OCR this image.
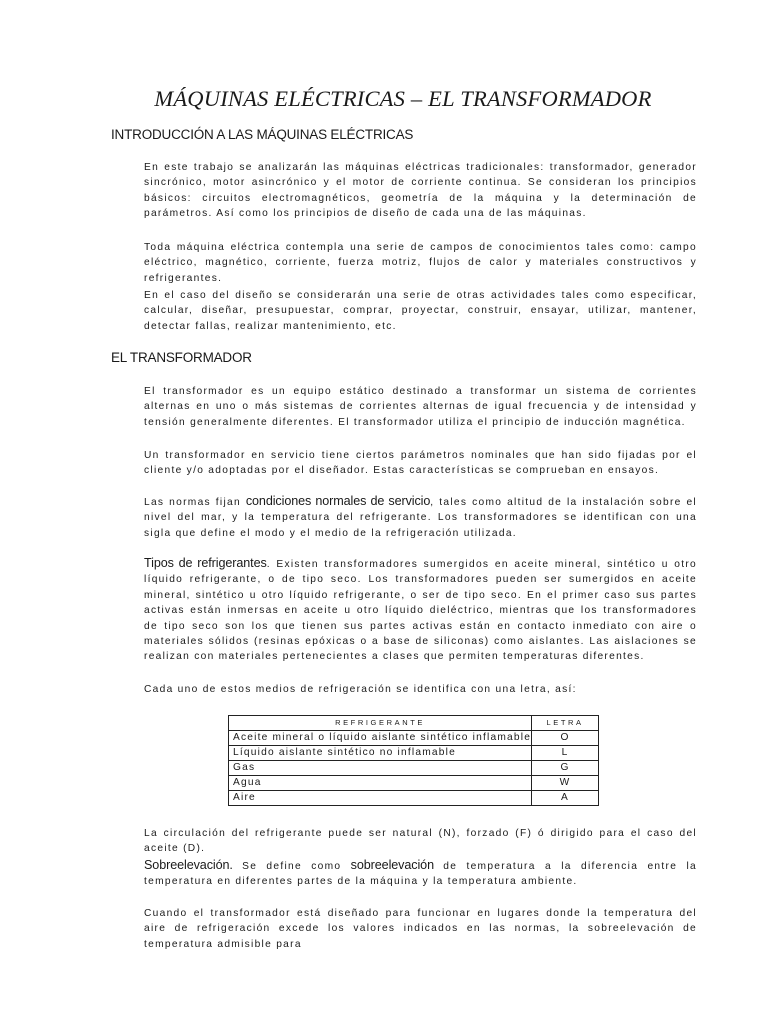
MÁQUINAS ELÉCTRICAS – EL TRANSFORMADOR
INTRODUCCIÓN A LAS MÁQUINAS ELÉCTRICAS

En este trabajo se analizarán las máquinas eléctricas tradicionales: transformador, generador sincrónico, motor asincrónico y el motor de corriente continua. Se consideran los principios básicos: circuitos electromagnéticos, geometría de la máquina y la determinación de parámetros. Así como los principios de diseño de cada una de las máquinas.

Toda máquina eléctrica contempla una serie de campos de conocimientos tales como: campo eléctrico, magnético, corriente, fuerza motriz, flujos de calor y materiales constructivos y refrigerantes.

En el caso del diseño se considerarán una serie de otras actividades tales como especificar, calcular, diseñar, presupuestar, comprar, proyectar, construir, ensayar, utilizar, mantener, detectar fallas, realizar mantenimiento, etc.

EL TRANSFORMADOR

El transformador es un equipo estático destinado a transformar un sistema de corrientes alternas en uno o más sistemas de corrientes alternas de igual frecuencia y de intensidad y tensión generalmente diferentes. El transformador utiliza el principio de inducción magnética.

Un transformador en servicio tiene ciertos parámetros nominales que han sido fijadas por el cliente y/o adoptadas por el diseñador. Estas características se comprueban en ensayos.

Las normas fijan condiciones normales de servicio, tales como altitud de la instalación sobre el nivel del mar, y la temperatura del refrigerante. Los transformadores se identifican con una sigla que define el modo y el medio de la refrigeración utilizada.

Tipos de refrigerantes. Existen transformadores sumergidos en aceite mineral, sintético u otro líquido refrigerante, o de tipo seco. Los transformadores pueden ser sumergidos en aceite mineral, sintético u otro líquido refrigerante, o ser de tipo seco. En el primer caso sus partes activas están inmersas en aceite u otro líquido dieléctrico, mientras que los transformadores de tipo seco son los que tienen sus partes activas están en contacto inmediato con aire o materiales sólidos (resinas epóxicas o a base de siliconas) como aislantes. Las aislaciones se realizan con materiales pertenecientes a clases que permiten temperaturas diferentes.

Cada uno de estos medios de refrigeración se identifica con una letra, así:

REFRIGERANTE	LETRA
Aceite mineral o líquido aislante sintético inflamable	O
Líquido aislante sintético no inflamable	L
Gas	G
Agua	W
Aire	A

La circulación del refrigerante puede ser natural (N), forzado (F) ó dirigido para el caso del aceite (D).

Sobreelevación. Se define como sobreelevación de temperatura a la diferencia entre la temperatura en diferentes partes de la máquina y la temperatura ambiente.

Cuando el transformador está diseñado para funcionar en lugares donde la temperatura del aire de refrigeración excede los valores indicados en las normas, la sobreelevación de temperatura admisible para
